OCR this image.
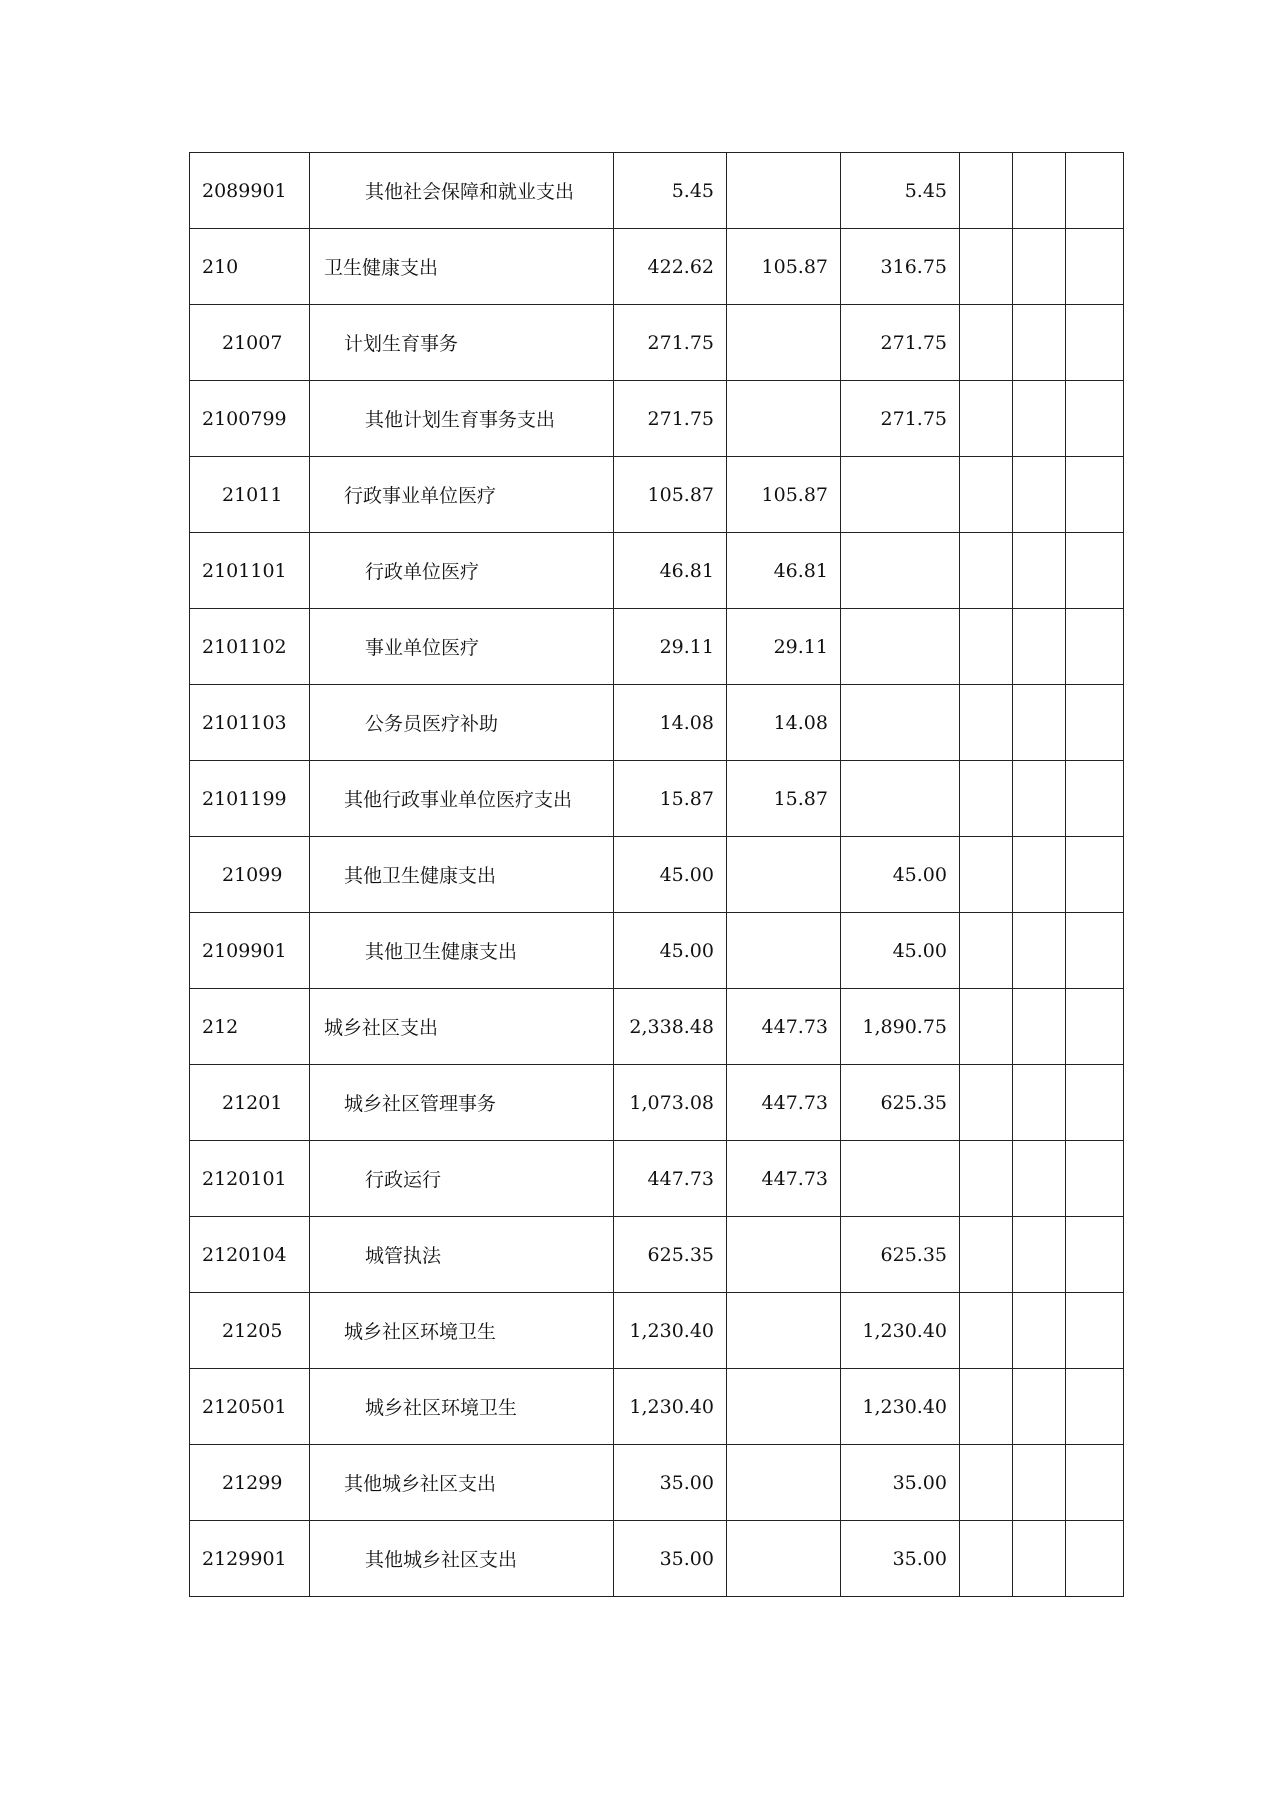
2089901	其他社会保障和就业支出	5.45		5.45			
210	卫生健康支出	422.62	105.87	316.75			
21007	计划生育事务	271.75		271.75			
2100799	其他计划生育事务支出	271.75		271.75			
21011	行政事业单位医疗	105.87	105.87				
2101101	行政单位医疗	46.81	46.81				
2101102	事业单位医疗	29.11	29.11				
2101103	公务员医疗补助	14.08	14.08				
2101199	其他行政事业单位医疗支出	15.87	15.87				
21099	其他卫生健康支出	45.00		45.00			
2109901	其他卫生健康支出	45.00		45.00			
212	城乡社区支出	2,338.48	447.73	1,890.75			
21201	城乡社区管理事务	1,073.08	447.73	625.35			
2120101	行政运行	447.73	447.73				
2120104	城管执法	625.35		625.35			
21205	城乡社区环境卫生	1,230.40		1,230.40			
2120501	城乡社区环境卫生	1,230.40		1,230.40			
21299	其他城乡社区支出	35.00		35.00			
2129901	其他城乡社区支出	35.00		35.00			
